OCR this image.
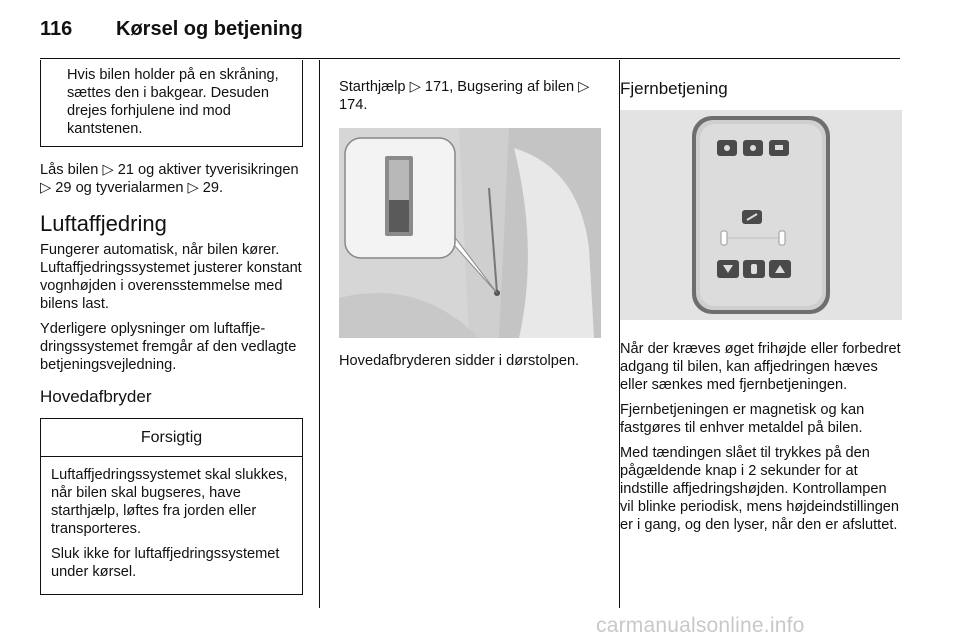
116 Kørsel og betjening

Hvis bilen holder på en skråning, sættes den i bakgear. Desuden drejes forhjulene ind mod kantstenen.

Lås bilen ▷ 21 og aktiver tyverisikringen ▷ 29 og tyverialarmen ▷ 29.

Luftaffjedring

Fungerer automatisk, når bilen kører. Luftaffjedringssystemet justerer konstant vognhøjden i overensstemmelse med bilens last.

Yderligere oplysninger om luftaffjedringssystemet fremgår af den vedlagte betjeningsvejledning.

Hovedafbryder
Forsigtig

Luftaffjedringssystemet skal slukkes, når bilen skal bugseres, have starthjælp, løftes fra jorden eller transporteres.

Sluk ikke for luftaffjedringssystemet under kørsel.

Starthjælp ▷ 171, Bugsering af bilen ▷ 174.

Hovedafbryderen sidder i dørstolpen.

Fjernbetjening

Når der kræves øget frihøjde eller forbedret adgang til bilen, kan affjedringen hæves eller sænkes med fjernbetjeningen.

Fjernbetjeningen er magnetisk og kan fastgøres til enhver metaldel på bilen.

Med tændingen slået til trykkes på den pågældende knap i 2 sekunder for at indstille affjedringshøjden. Kontrollampen vil blinke periodisk, mens højdeindstillingen er i gang, og den lyser, når den er afsluttet.

carmanualsonline.info
